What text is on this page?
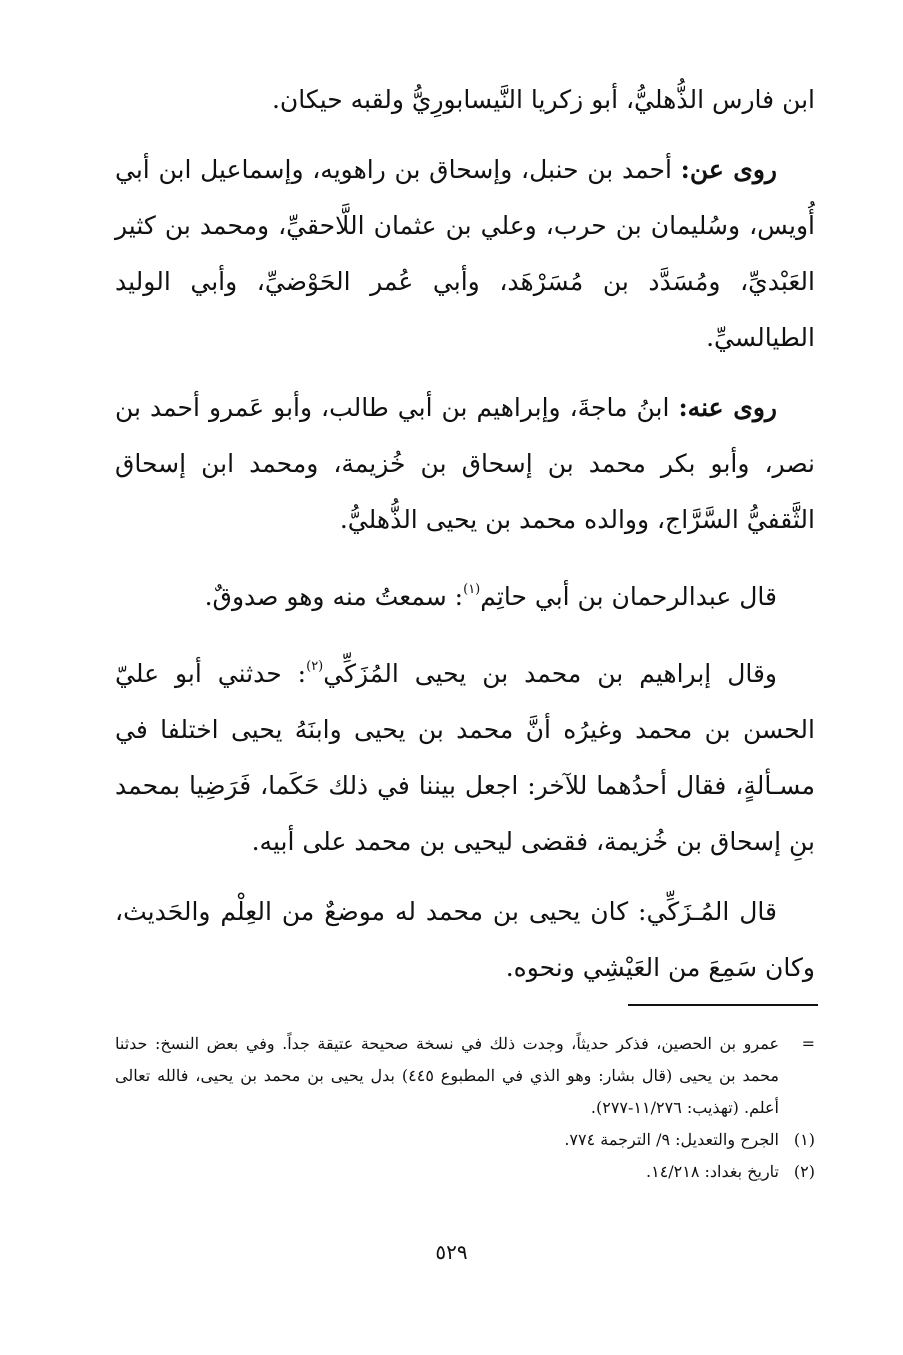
ابن فارس الذُّهليُّ، أبو زكريا النَّيسابورِيُّ ولقبه حيكان.

روى عن: أحمد بن حنبل، وإسحاق بن راهويه، وإسماعيل ابن أبي أُويس، وسُليمان بن حرب، وعلي بن عثمان اللَّاحقيِّ، ومحمد بن كثير العَبْديِّ، ومُسَدَّد بن مُسَرْهَد، وأبي عُمر الحَوْضيِّ، وأبي الوليد الطيالسيِّ.

روى عنه: ابنُ ماجةَ، وإبراهيم بن أبي طالب، وأبو عَمرو أحمد بن نصر، وأبو بكر محمد بن إسحاق بن خُزيمة، ومحمد ابن إسحاق الثَّقفيُّ السَّرَّاج، ووالده محمد بن يحيى الذُّهليُّ.

قال عبدالرحمان بن أبي حاتِم$^{(١)}$: سمعتُ منه وهو صدوقٌ.

وقال إبراهيم بن محمد بن يحيى المُزَكِّي$^{(٢)}$: حدثني أبو عليّ الحسن بن محمد وغيرُه أنَّ محمد بن يحيى وابنَهُ يحيى اختلفا في مسـألةٍ، فقال أحدُهما للآخر: اجعل بيننا في ذلك حَكَما، فَرَضِيا بمحمد بنِ إسحاق بن خُزيمة، فقضى ليحيى بن محمد على أبيه.

قال المُـزَكِّي: كان يحيى بن محمد له موضعٌ من العِلْم والحَديث، وكان سَمِعَ من العَيْشِي ونحوه.

=
عمرو بن الحصين، فذكر حديثاً، وجدت ذلك في نسخة صحيحة عتيقة جداً. وفي بعض النسخ: حدثنا محمد بن يحيى (قال بشار: وهو الذي في المطبوع ٤٤٥) بدل يحيى بن محمد بن يحيى، فالله تعالى أعلم. (تهذيب: ١١/٢٧٦-٢٧٧).
(١)
الجرح والتعديل: ٩/ الترجمة ٧٧٤.
(٢)
تاريخ بغداد: ١٤/٢١٨.
٥٢٩
